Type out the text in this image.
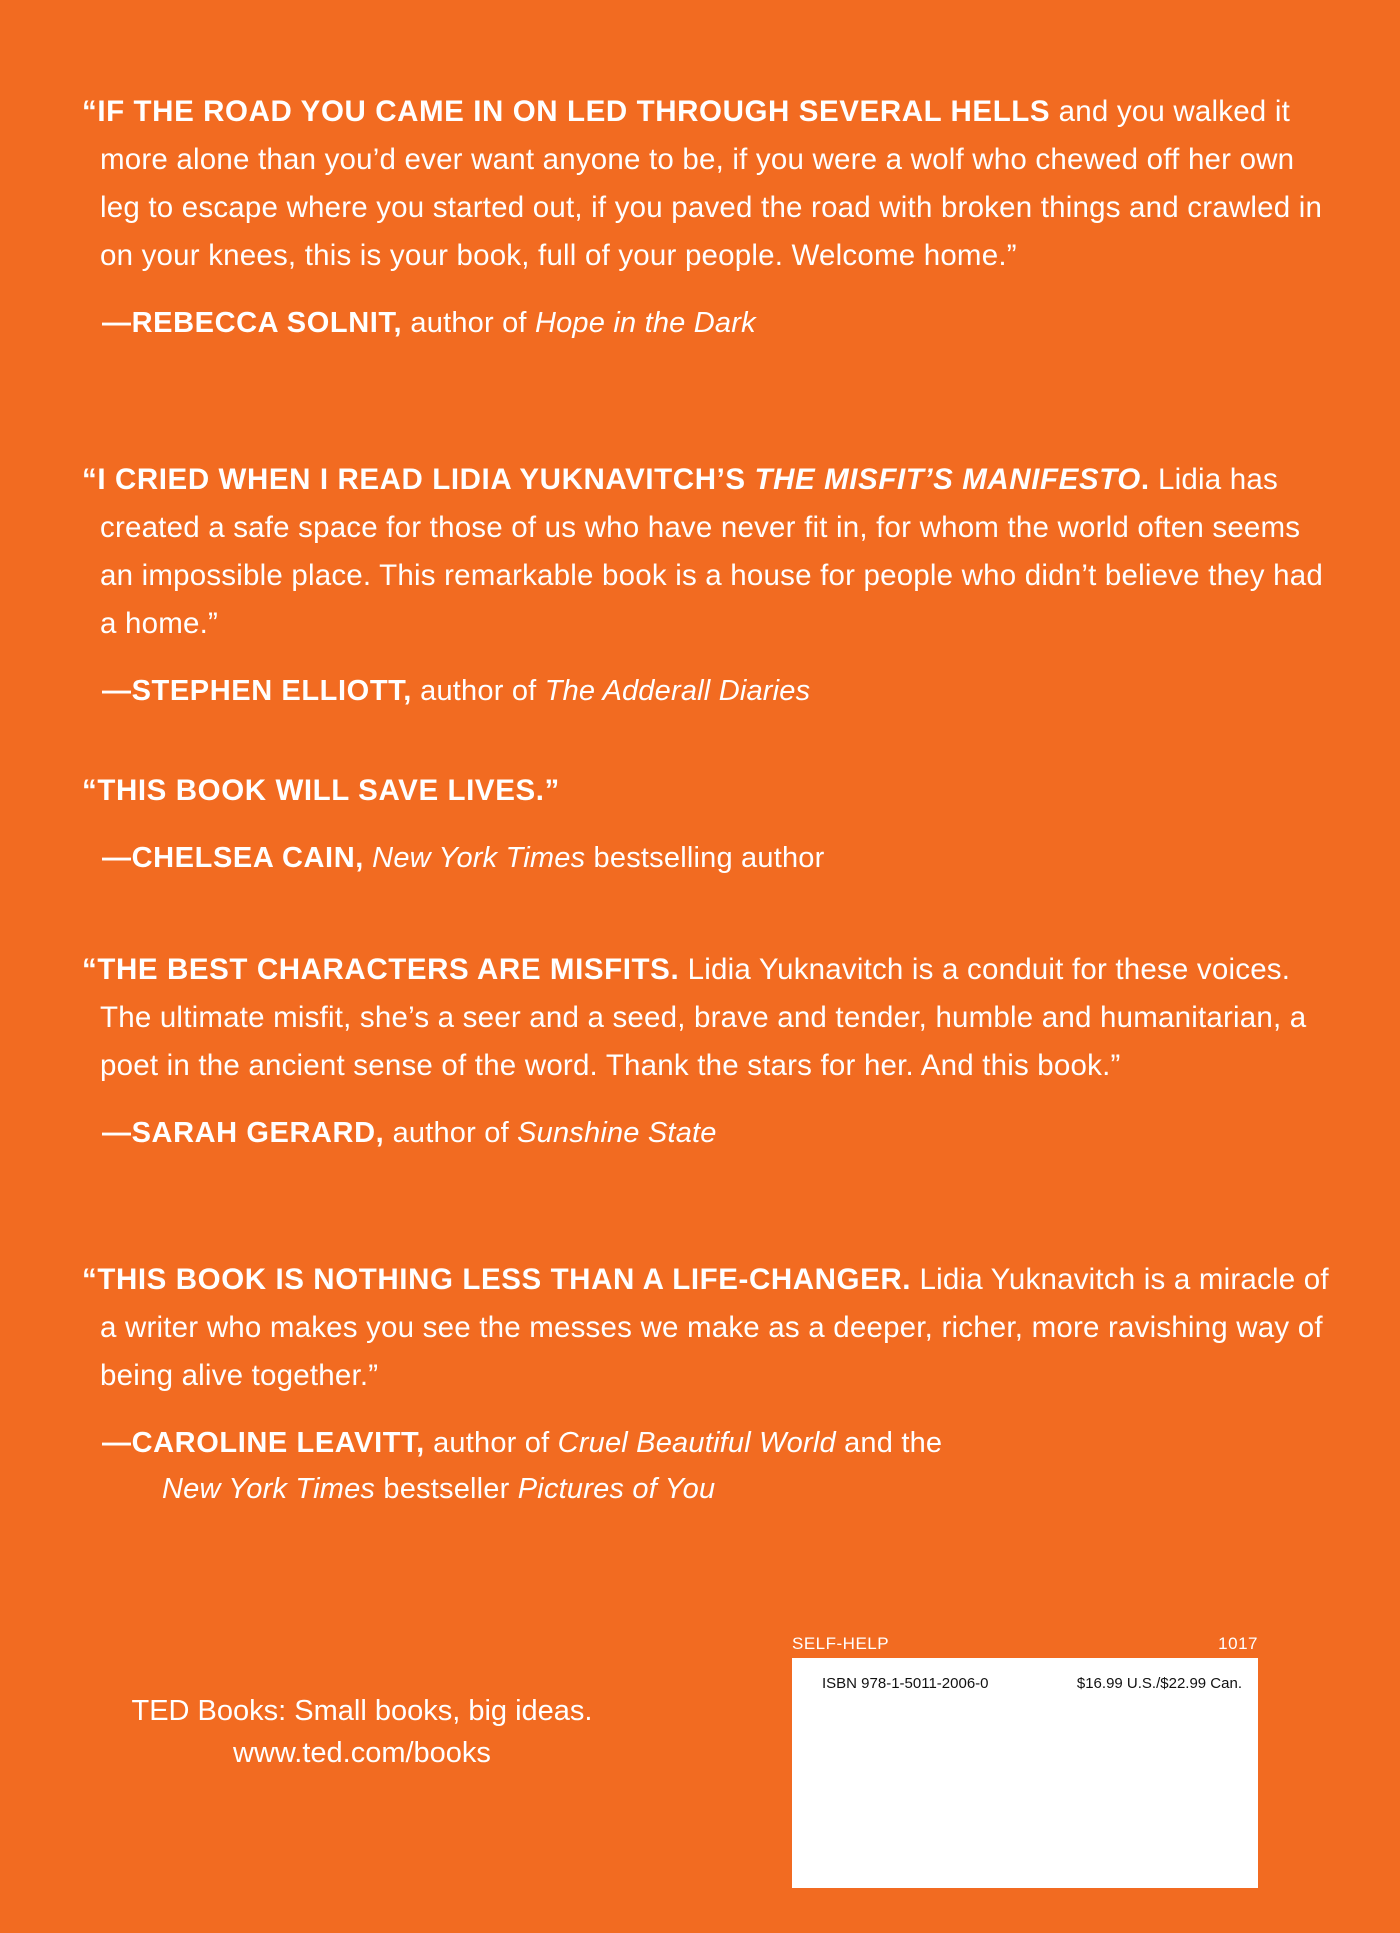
“IF THE ROAD YOU CAME IN ON LED THROUGH SEVERAL HELLS and you walked it more alone than you’d ever want anyone to be, if you were a wolf who chewed off her own leg to escape where you started out, if you paved the road with broken things and crawled in on your knees, this is your book, full of your people. Welcome home.”

—REBECCA SOLNIT, author of Hope in the Dark

“I CRIED WHEN I READ LIDIA YUKNAVITCH’S THE MISFIT’S MANIFESTO. Lidia has created a safe space for those of us who have never fit in, for whom the world often seems an impossible place. This remarkable book is a house for people who didn’t believe they had a home.”

—STEPHEN ELLIOTT, author of The Adderall Diaries

“THIS BOOK WILL SAVE LIVES.”

—CHELSEA CAIN, New York Times bestselling author

“THE BEST CHARACTERS ARE MISFITS. Lidia Yuknavitch is a conduit for these voices. The ultimate misfit, she’s a seer and a seed, brave and tender, humble and humanitarian, a poet in the ancient sense of the word. Thank the stars for her. And this book.”

—SARAH GERARD, author of Sunshine State

“THIS BOOK IS NOTHING LESS THAN A LIFE-CHANGER. Lidia Yuknavitch is a miracle of a writer who makes you see the messes we make as a deeper, richer, more ravishing way of being alive together.”

—CAROLINE LEAVITT, author of Cruel Beautiful World and the
New York Times bestseller Pictures of You
TED Books: Small books, big ideas.
www.ted.com/books
SELF-HELP	1017
ISBN 978-1-5011-2006-0	$16.99 U.S./$22.99 Can.
